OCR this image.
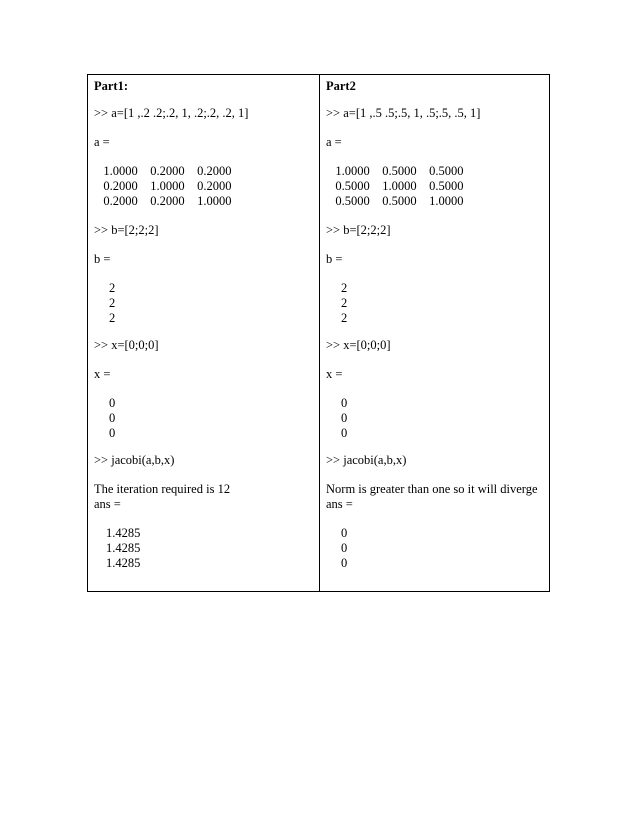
Part1:
>> a=[1 ,.2 .2;.2, 1, .2;.2, .2, 1]
a =
1.0000    0.2000    0.2000
0.2000    1.0000    0.2000
0.2000    0.2000    1.0000
>> b=[2;2;2]
b =
2
2
2
>> x=[0;0;0]
x =
0
0
0
>> jacobi(a,b,x)
The iteration required is 12
ans =
1.4285
1.4285
1.4285
Part2
>> a=[1 ,.5 .5;.5, 1, .5;.5, .5, 1]
a =
1.0000    0.5000    0.5000
0.5000    1.0000    0.5000
0.5000    0.5000    1.0000
>> b=[2;2;2]
b =
2
2
2
>> x=[0;0;0]
x =
0
0
0
>> jacobi(a,b,x)
Norm is greater than one so it will diverge
ans =
0
0
0
